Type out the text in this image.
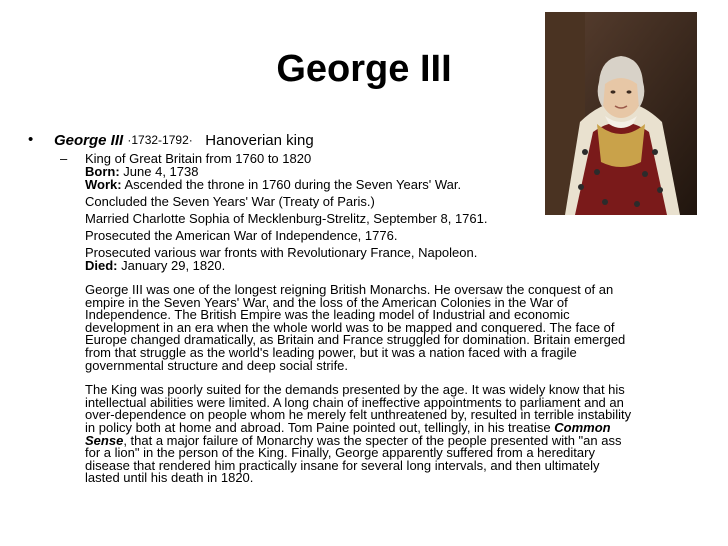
George III
• George III ·1732-1792· Hanoverian king
– King of Great Britain from 1760 to 1820
Born: June 4, 1738
Work: Ascended the throne in 1760 during the Seven Years' War.
Concluded the Seven Years' War (Treaty of Paris.)
Married Charlotte Sophia of Mecklenburg-Strelitz, September 8, 1761.
Prosecuted the American War of Independence, 1776.
Prosecuted various war fronts with Revolutionary France, Napoleon.
Died: January 29, 1820.
George III was one of the longest reigning British Monarchs. He oversaw the conquest of an
empire in the Seven Years' War, and the loss of the American Colonies in the War of
Independence. The British Empire was the leading model of Industrial and economic
development in an era when the whole world was to be mapped and conquered. The face of
Europe changed dramatically, as Britain and France struggled for domination. Britain emerged
from that struggle as the world's leading power, but it was a nation faced with a fragile
governmental structure and deep social strife.
The King was poorly suited for the demands presented by the age. It was widely know that his
intellectual abilities were limited. A long chain of ineffective appointments to parliament and an
over-dependence on people whom he merely felt unthreatened by, resulted in terrible instability
in policy both at home and abroad. Tom Paine pointed out, tellingly, in his treatise Common
Sense, that a major failure of Monarchy was the specter of the people presented with "an ass
for a lion" in the person of the King. Finally, George apparently suffered from a hereditary
disease that rendered him practically insane for several long intervals, and then ultimately
lasted until his death in 1820.
